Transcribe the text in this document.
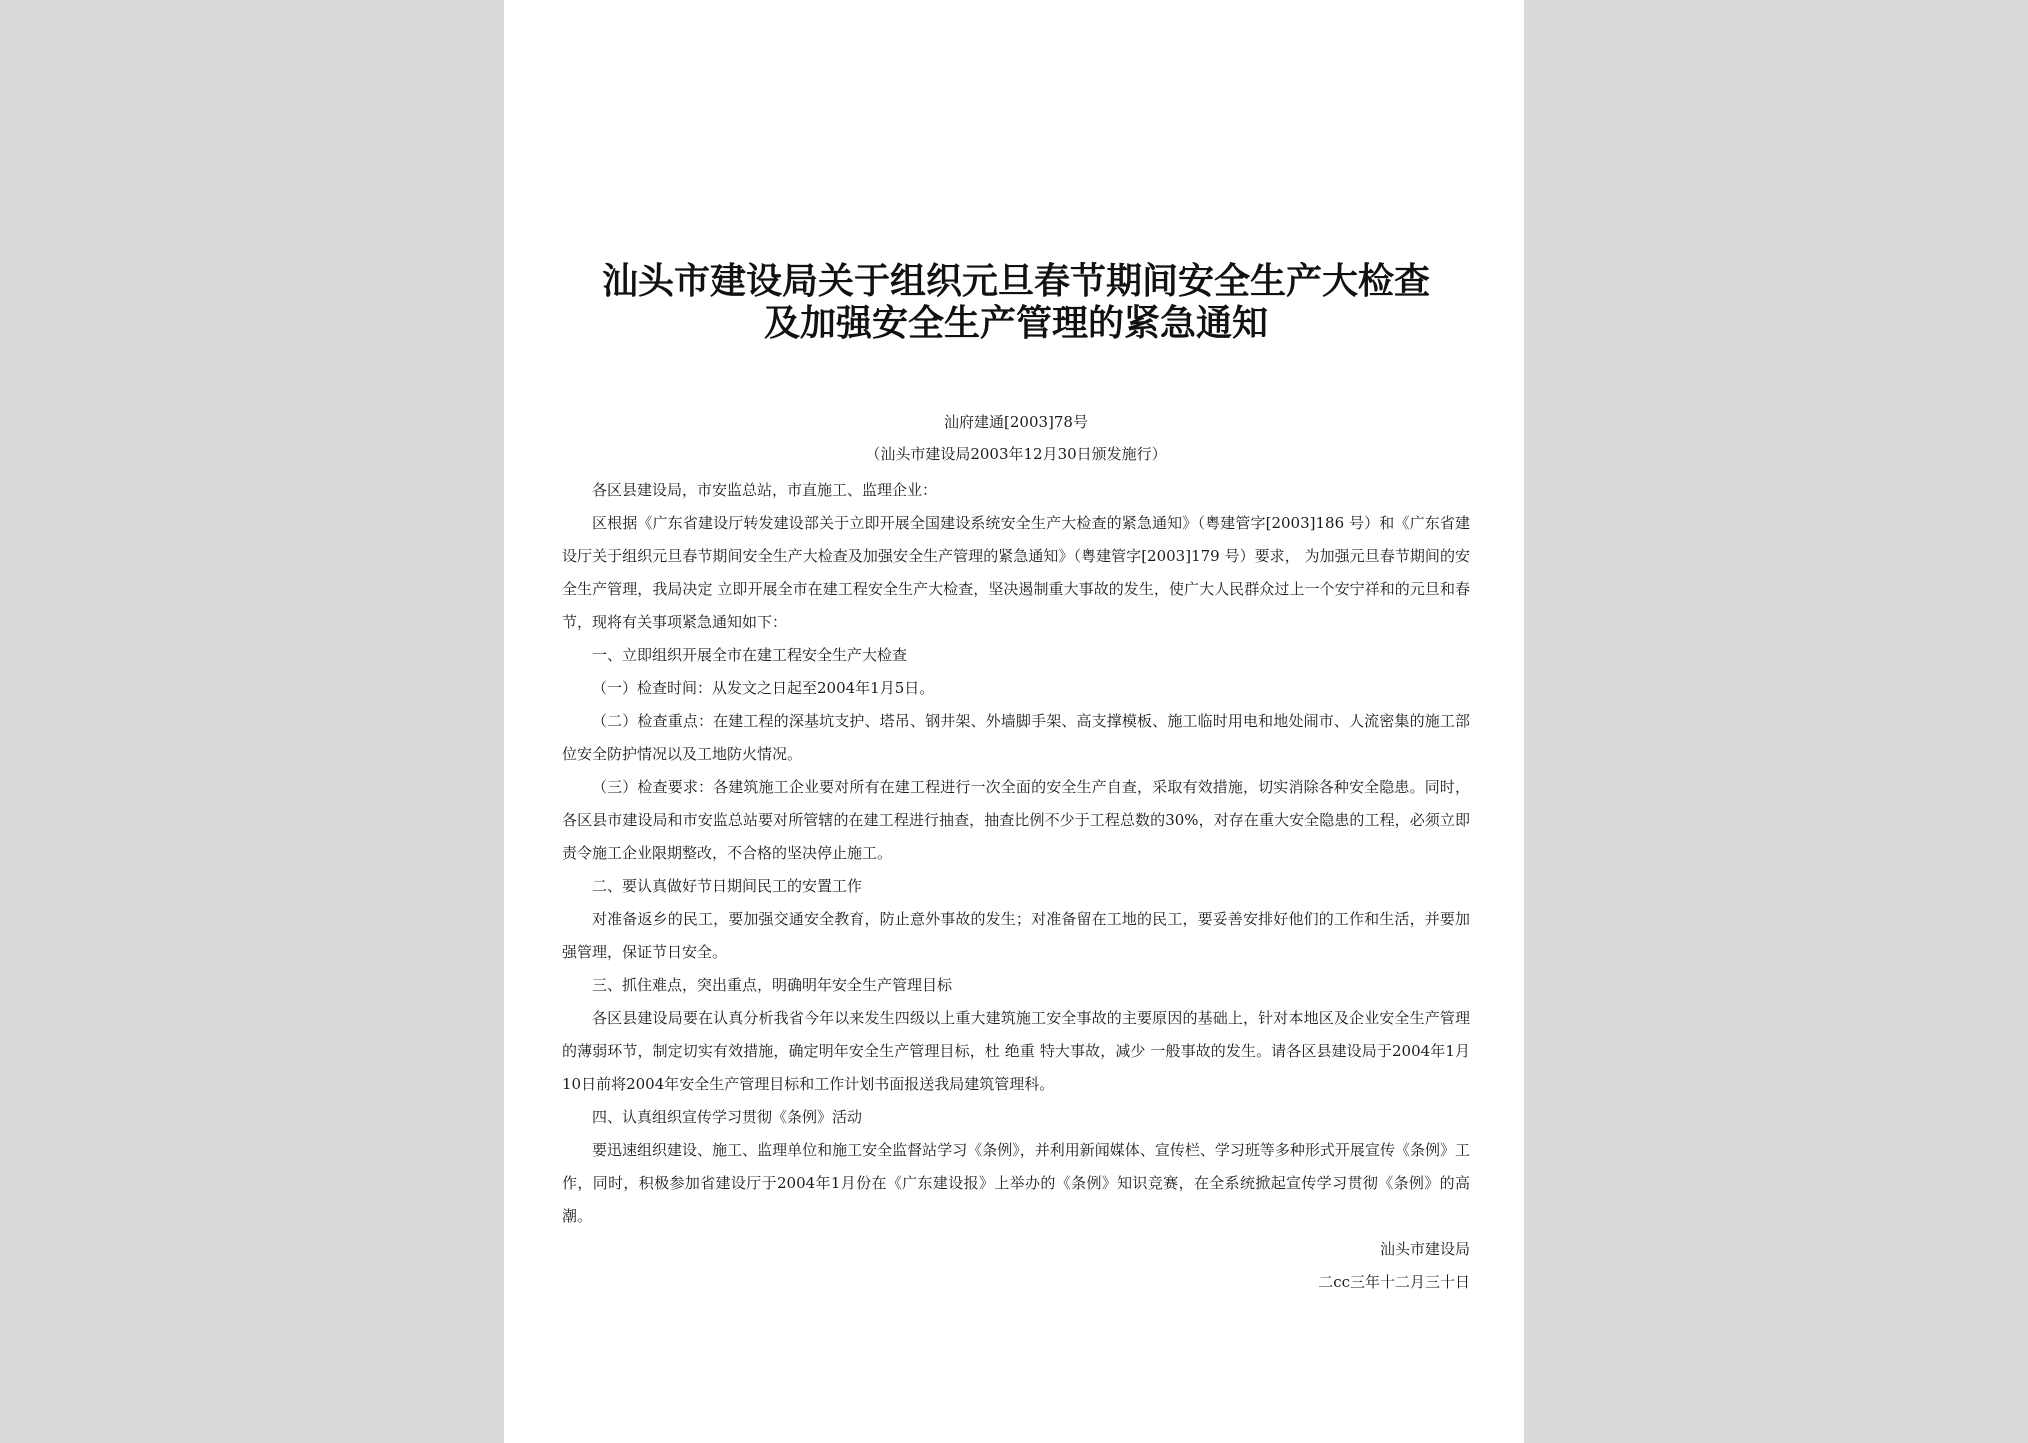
汕头市建设局关于组织元旦春节期间安全生产大检查
及加强安全生产管理的紧急通知
汕府建通[2003]78号
（汕头市建设局2003年12月30日颁发施行）

各区县建设局，市安监总站，市直施工、监理企业：

区根据《广东省建设厅转发建设部关于立即开展全国建设系统安全生产大检查的紧急通知》（粤建管字[2003]186 号）和《广东省建设厅关于组织元旦春节期间安全生产大检查及加强安全生产管理的紧急通知》（粤建管字[2003]179 号）要求， 为加强元旦春节期间的安全生产管理，我局决定 立即开展全市在建工程安全生产大检查，坚决遏制重大事故的发生，使广大人民群众过上一个安宁祥和的元旦和春节，现将有关事项紧急通知如下：

一、立即组织开展全市在建工程安全生产大检查

（一）检查时间：从发文之日起至2004年1月5日。

（二）检查重点：在建工程的深基坑支护、塔吊、钢井架、外墙脚手架、高支撑模板、施工临时用电和地处闹市、人流密集的施工部位安全防护情况以及工地防火情况。

（三）检查要求：各建筑施工企业要对所有在建工程进行一次全面的安全生产自查，采取有效措施，切实消除各种安全隐患。同时，各区县市建设局和市安监总站要对所管辖的在建工程进行抽查，抽查比例不少于工程总数的30%，对存在重大安全隐患的工程，必须立即责令施工企业限期整改，不合格的坚决停止施工。

二、要认真做好节日期间民工的安置工作

对准备返乡的民工，要加强交通安全教育，防止意外事故的发生；对准备留在工地的民工，要妥善安排好他们的工作和生活，并要加强管理，保证节日安全。

三、抓住难点，突出重点，明确明年安全生产管理目标

各区县建设局要在认真分析我省今年以来发生四级以上重大建筑施工安全事故的主要原因的基础上，针对本地区及企业安全生产管理的薄弱环节，制定切实有效措施，确定明年安全生产管理目标，杜 绝重 特大事故，减少 一般事故的发生。请各区县建设局于2004年1月10日前将2004年安全生产管理目标和工作计划书面报送我局建筑管理科。

四、认真组织宣传学习贯彻《条例》活动

要迅速组织建设、施工、监理单位和施工安全监督站学习《条例》，并利用新闻媒体、宣传栏、学习班等多种形式开展宣传《条例》工作，同时，积极参加省建设厅于2004年1月份在《广东建设报》上举办的《条例》知识竞赛，在全系统掀起宣传学习贯彻《条例》的高潮。

汕头市建设局
二cc三年十二月三十日
